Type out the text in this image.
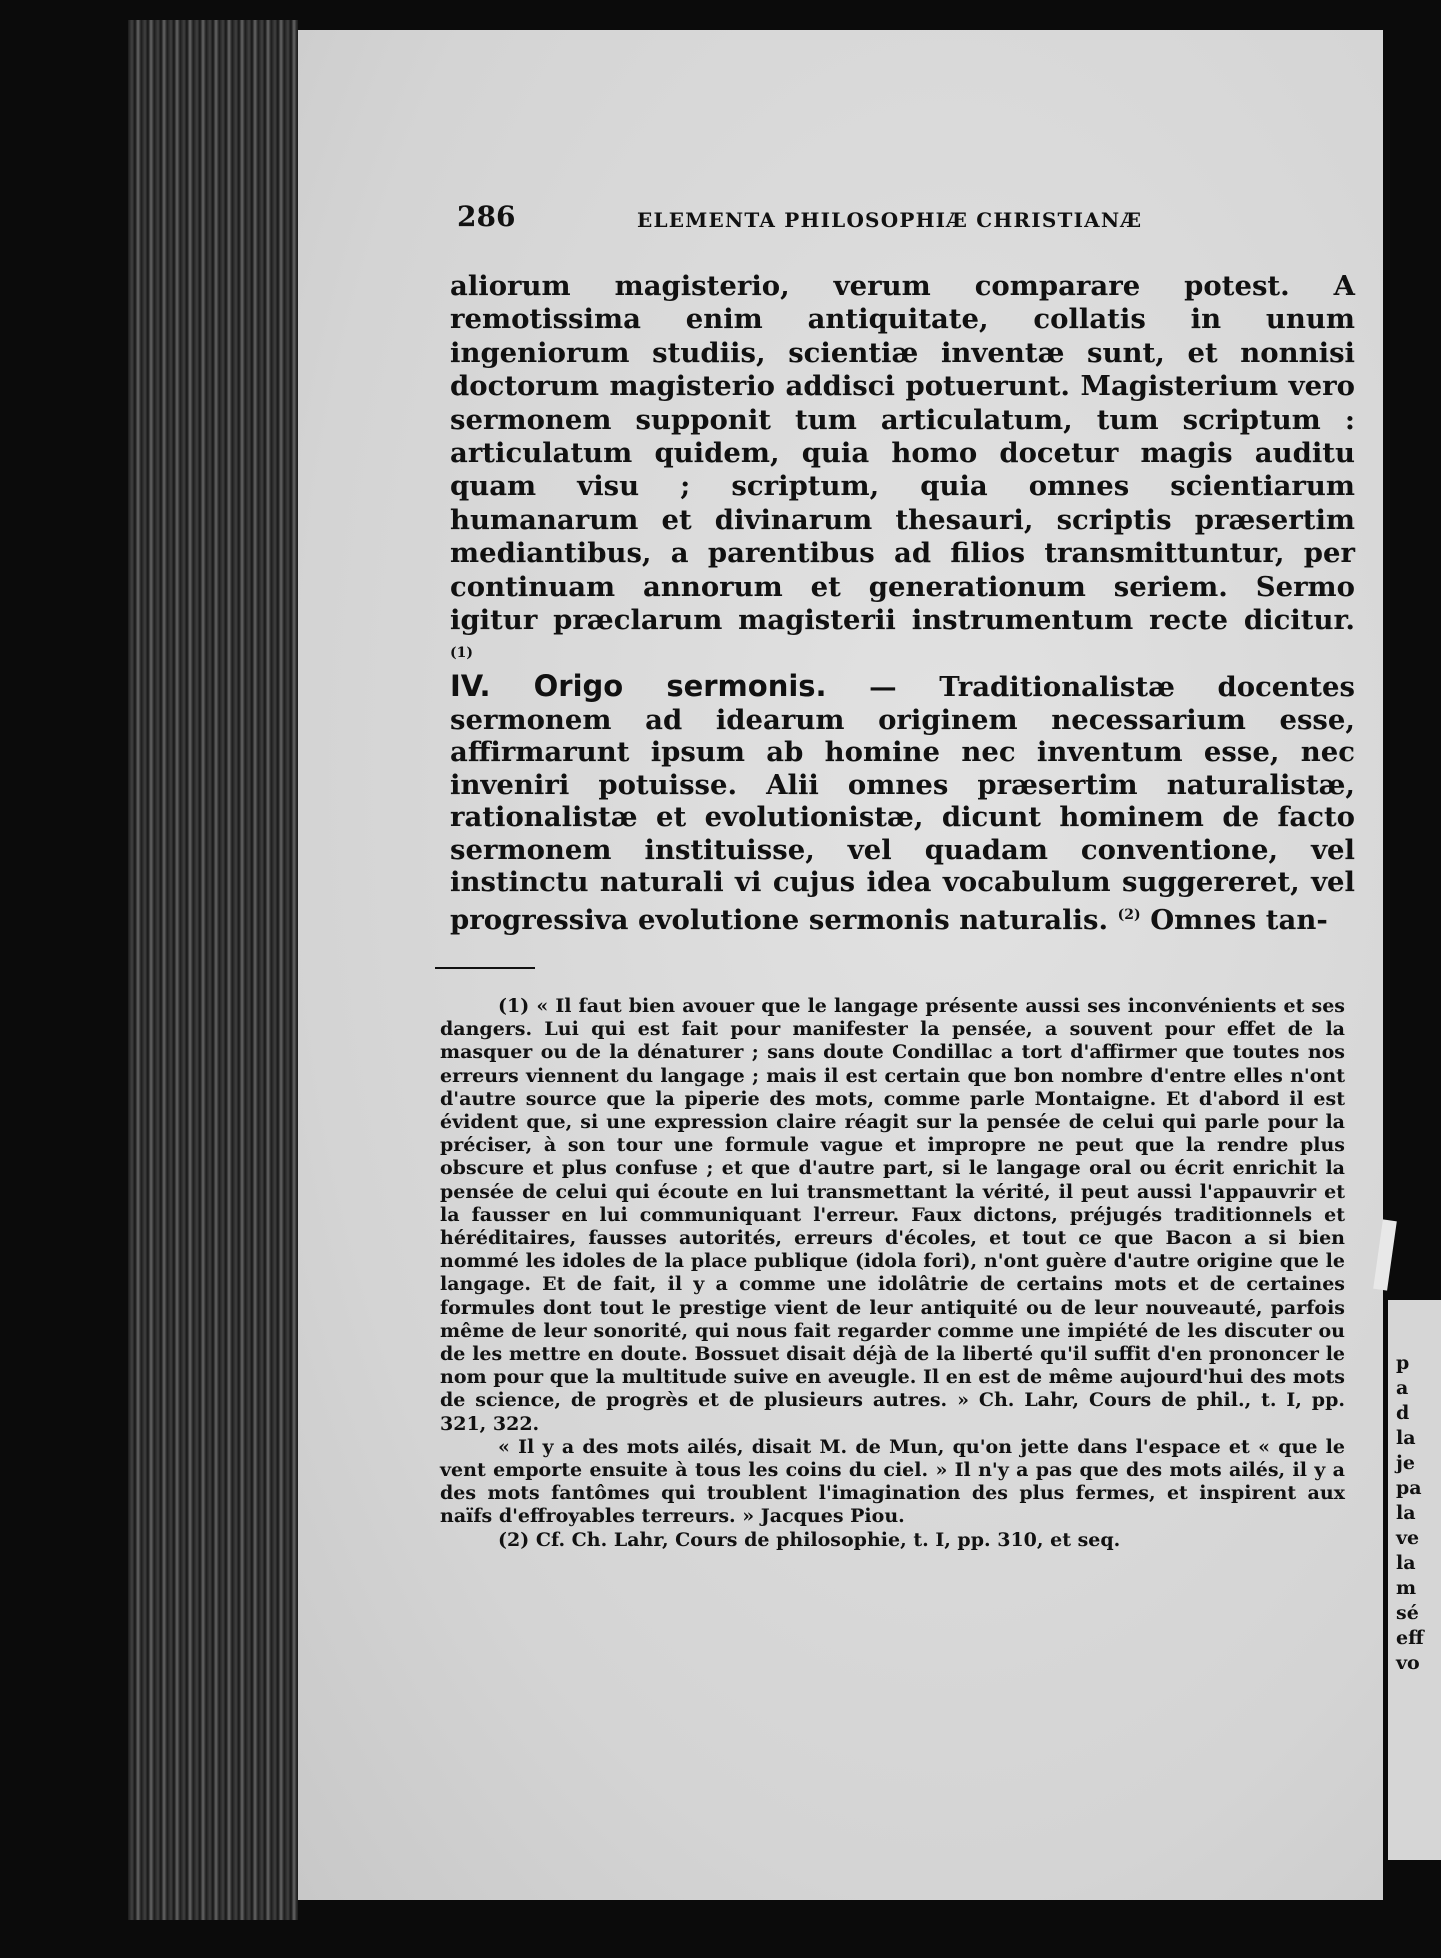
p
a
d
la
je
pa
la
ve
la
m
sé
eff
vo
286	ELEMENTA PHILOSOPHIÆ CHRISTIANÆ

aliorum magisterio, verum comparare potest. A remotissima enim antiquitate, collatis in unum ingeniorum studiis, scientiæ inventæ sunt, et nonnisi doctorum magisterio addisci potuerunt. Magisterium vero sermonem supponit tum articulatum, tum scriptum : articulatum quidem, quia homo docetur magis auditu quam visu ; scriptum, quia omnes scientiarum humanarum et divinarum thesauri, scriptis præsertim mediantibus, a parentibus ad filios transmittuntur, per continuam annorum et generationum seriem. Sermo igitur præclarum magisterii instrumentum recte dicitur. $^{(1)}$

IV. Origo sermonis. — Traditionalistæ docentes sermonem ad idearum originem necessarium esse, affirmarunt ipsum ab homine nec inventum esse, nec inveniri potuisse. Alii omnes præsertim naturalistæ, rationalistæ et evolutionistæ, dicunt hominem de facto sermonem instituisse, vel quadam conventione, vel instinctu naturali vi cujus idea vocabulum suggereret, vel progressiva evolutione sermonis naturalis. $^{(2)}$ Omnes tan-

(1) « Il faut bien avouer que le langage présente aussi ses inconvénients et ses dangers. Lui qui est fait pour manifester la pensée, a souvent pour effet de la masquer ou de la dénaturer ; sans doute Condillac a tort d'affirmer que toutes nos erreurs viennent du langage ; mais il est certain que bon nombre d'entre elles n'ont d'autre source que la piperie des mots, comme parle Montaigne. Et d'abord il est évident que, si une expression claire réagit sur la pensée de celui qui parle pour la préciser, à son tour une formule vague et impropre ne peut que la rendre plus obscure et plus confuse ; et que d'autre part, si le langage oral ou écrit enrichit la pensée de celui qui écoute en lui transmettant la vérité, il peut aussi l'appauvrir et la fausser en lui communiquant l'erreur. Faux dictons, préjugés traditionnels et héréditaires, fausses autorités, erreurs d'écoles, et tout ce que Bacon a si bien nommé les idoles de la place publique (idola fori), n'ont guère d'autre origine que le langage. Et de fait, il y a comme une idolâtrie de certains mots et de certaines formules dont tout le prestige vient de leur antiquité ou de leur nouveauté, parfois même de leur sonorité, qui nous fait regarder comme une impiété de les discuter ou de les mettre en doute. Bossuet disait déjà de la liberté qu'il suffit d'en prononcer le nom pour que la multitude suive en aveugle. Il en est de même aujourd'hui des mots de science, de progrès et de plusieurs autres. » Ch. Lahr, Cours de phil., t. I, pp. 321, 322.

« Il y a des mots ailés, disait M. de Mun, qu'on jette dans l'espace et « que le vent emporte ensuite à tous les coins du ciel. » Il n'y a pas que des mots ailés, il y a des mots fantômes qui troublent l'imagination des plus fermes, et inspirent aux naïfs d'effroyables terreurs. » Jacques Piou.

(2) Cf. Ch. Lahr, Cours de philosophie, t. I, pp. 310, et seq.
